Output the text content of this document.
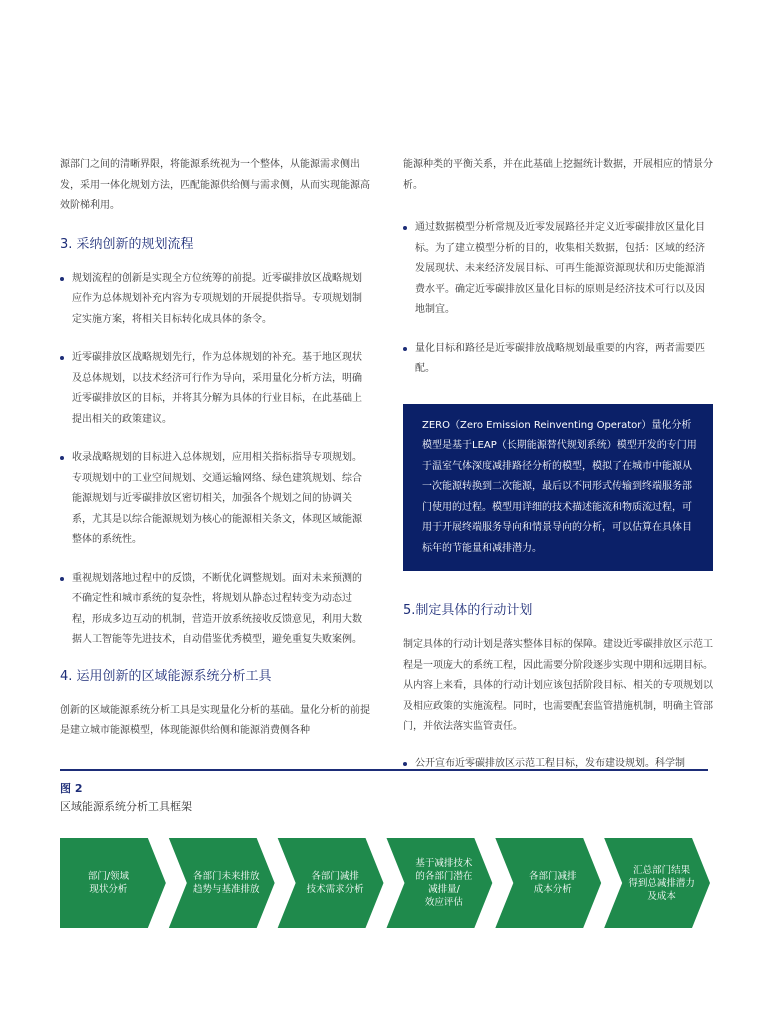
源部门之间的清晰界限，将能源系统视为一个整体，从能源需求侧出发，采用一体化规划方法，匹配能源供给侧与需求侧，从而实现能源高效阶梯利用。

3. 采纳创新的规划流程
规划流程的创新是实现全方位统筹的前提。近零碳排放区战略规划应作为总体规划补充内容为专项规划的开展提供指导。专项规划制定实施方案，将相关目标转化成具体的条令。
近零碳排放区战略规划先行，作为总体规划的补充。基于地区现状及总体规划，以技术经济可行作为导向，采用量化分析方法，明确近零碳排放区的目标，并将其分解为具体的行业目标，在此基础上提出相关的政策建议。
收录战略规划的目标进入总体规划，应用相关指标指导专项规划。专项规划中的工业空间规划、交通运输网络、绿色建筑规划、综合能源规划与近零碳排放区密切相关，加强各个规划之间的协调关系，尤其是以综合能源规划为核心的能源相关条文，体现区域能源整体的系统性。
重视规划落地过程中的反馈，不断优化调整规划。面对未来预测的不确定性和城市系统的复杂性，将规划从静态过程转变为动态过程，形成多边互动的机制，营造开放系统接收反馈意见，利用大数据人工智能等先进技术，自动借鉴优秀模型，避免重复失败案例。
4. 运用创新的区域能源系统分析工具

创新的区域能源系统分析工具是实现量化分析的基础。量化分析的前提是建立城市能源模型，体现能源供给侧和能源消费侧各种

能源种类的平衡关系，并在此基础上挖掘统计数据，开展相应的情景分析。

通过数据模型分析常规及近零发展路径并定义近零碳排放区量化目标。为了建立模型分析的目的，收集相关数据，包括：区域的经济发展现状、未来经济发展目标、可再生能源资源现状和历史能源消费水平。确定近零碳排放区量化目标的原则是经济技术可行以及因地制宜。
量化目标和路径是近零碳排放战略规划最重要的内容，两者需要匹配。
ZERO（Zero Emission Reinventing Operator）量化分析模型是基于LEAP（长期能源替代规划系统）模型开发的专门用于温室气体深度减排路径分析的模型，模拟了在城市中能源从一次能源转换到二次能源，最后以不同形式传输到终端服务部门使用的过程。模型用详细的技术描述能流和物质流过程，可用于开展终端服务导向和情景导向的分析，可以估算在具体目标年的节能量和减排潜力。
5.制定具体的行动计划

制定具体的行动计划是落实整体目标的保障。建设近零碳排放区示范工程是一项庞大的系统工程，因此需要分阶段逐步实现中期和远期目标。从内容上来看，具体的行动计划应该包括阶段目标、相关的专项规划以及相应政策的实施流程。同时，也需要配套监管措施机制，明确主管部门，并依法落实监管责任。

公开宣布近零碳排放区示范工程目标，发布建设规划。科学制
图 2
区域能源系统分析工具框架
部门/领域
现状分析
各部门未来排放
趋势与基准排放
各部门减排
技术需求分析
基于减排技术
的各部门潜在
减排量/
效应评估
各部门减排
成本分析
汇总部门结果
得到总减排潜力
及成本
